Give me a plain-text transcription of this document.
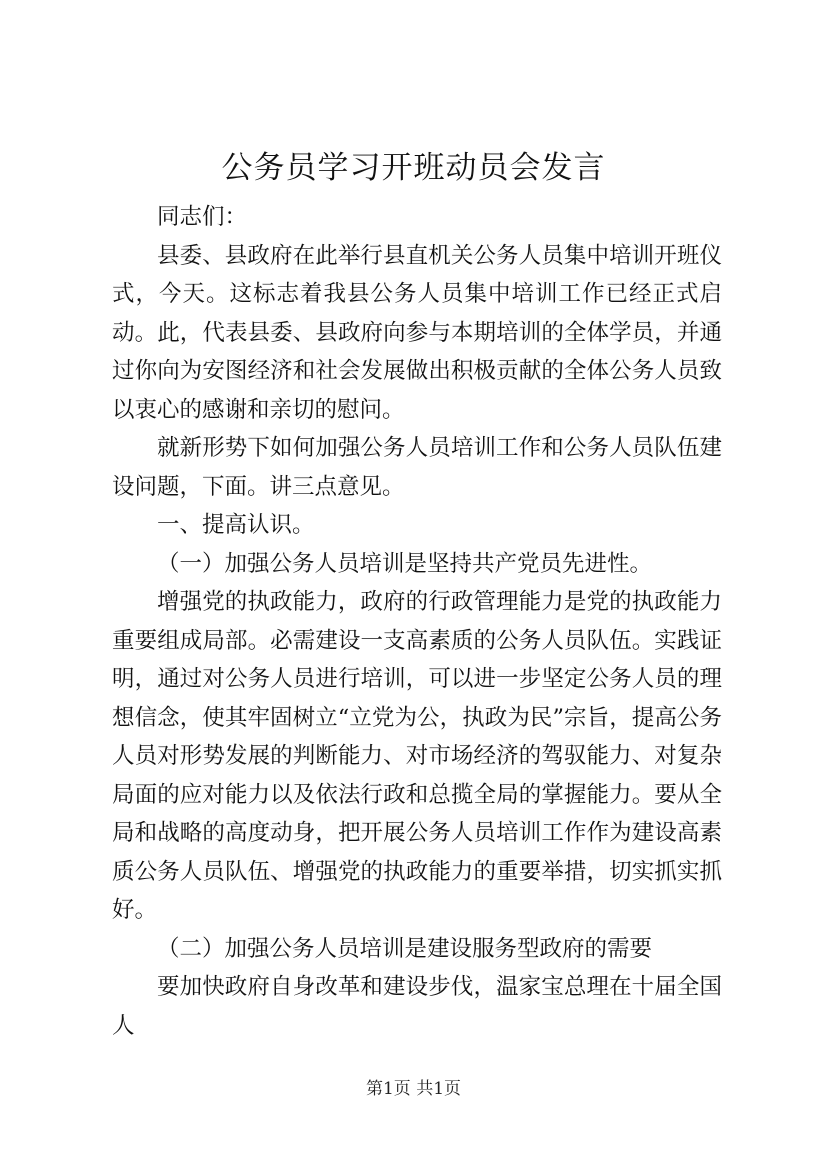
公务员学习开班动员会发言

同志们：

县委、县政府在此举行县直机关公务人员集中培训开班仪式，今天。这标志着我县公务人员集中培训工作已经正式启动。此，代表县委、县政府向参与本期培训的全体学员，并通过你向为安图经济和社会发展做出积极贡献的全体公务人员致以衷心的感谢和亲切的慰问。

就新形势下如何加强公务人员培训工作和公务人员队伍建设问题，下面。讲三点意见。

一、提高认识。

（一）加强公务人员培训是坚持共产党员先进性。

增强党的执政能力，政府的行政管理能力是党的执政能力重要组成局部。必需建设一支高素质的公务人员队伍。实践证明，通过对公务人员进行培训，可以进一步坚定公务人员的理想信念，使其牢固树立“立党为公，执政为民”宗旨，提高公务人员对形势发展的判断能力、对市场经济的驾驭能力、对复杂局面的应对能力以及依法行政和总揽全局的掌握能力。要从全局和战略的高度动身，把开展公务人员培训工作作为建设高素质公务人员队伍、增强党的执政能力的重要举措，切实抓实抓好。

（二）加强公务人员培训是建设服务型政府的需要

要加快政府自身改革和建设步伐，温家宝总理在十届全国人

第1页 共1页
